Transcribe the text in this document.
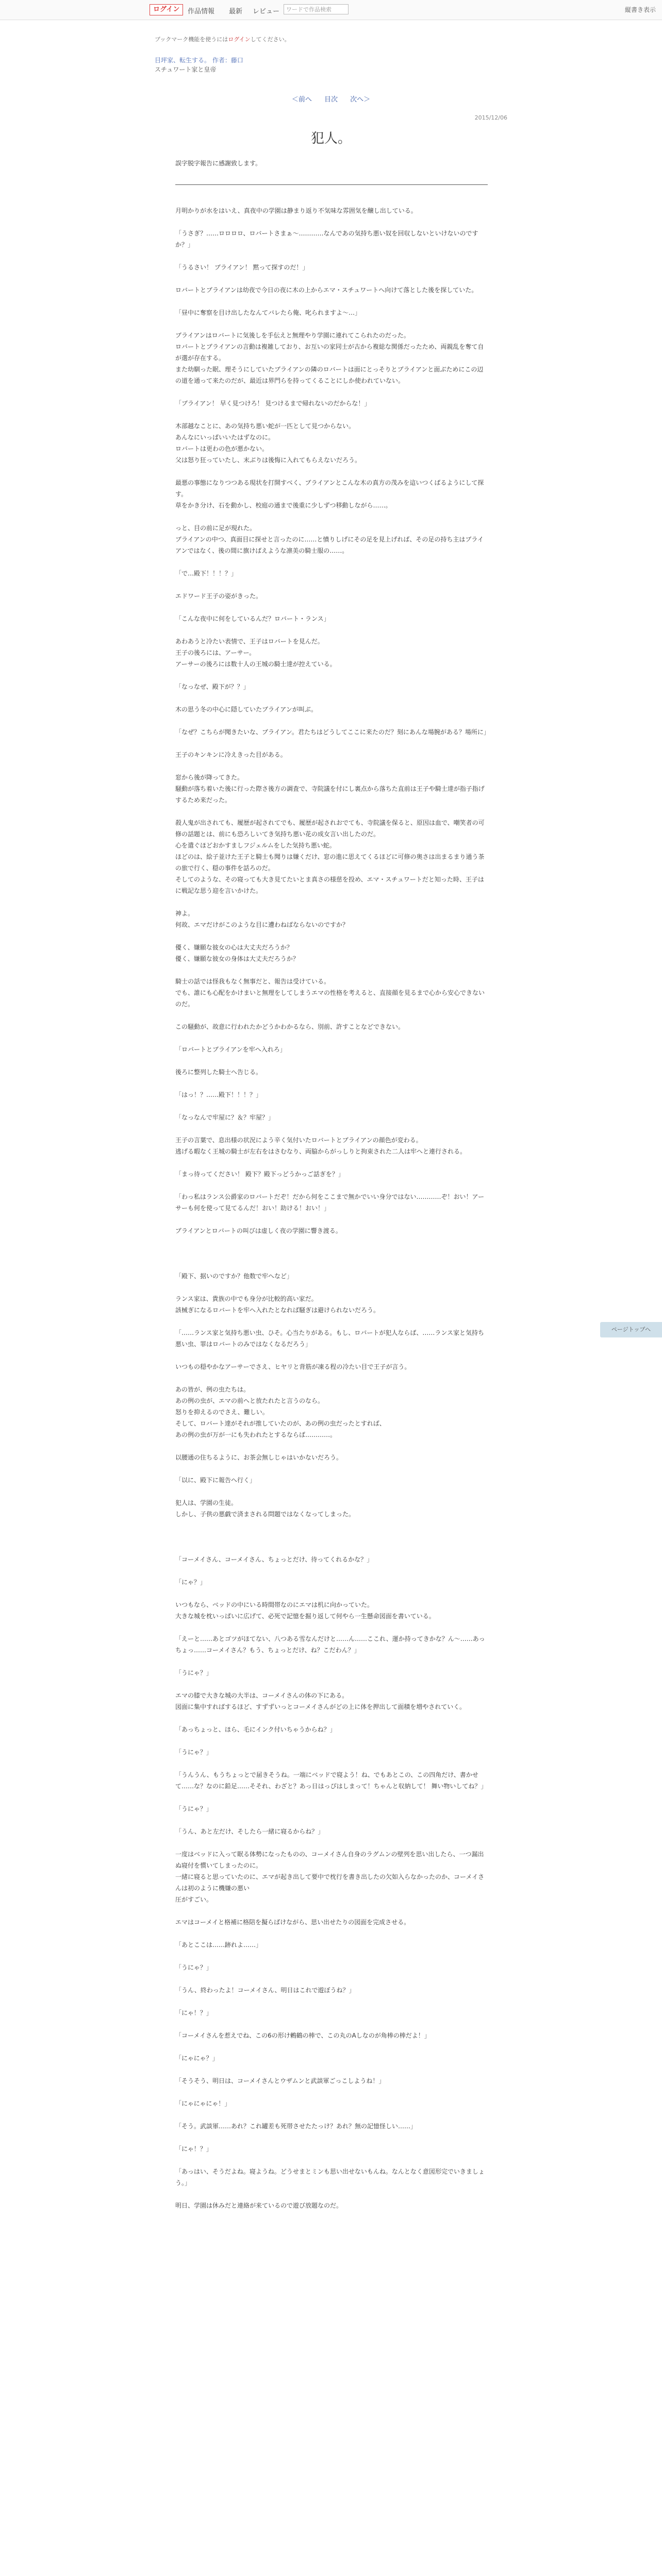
ログイン	作品情報 最新 レビュー	ワードで作品検索	縦書き表示
ブックマーク機能を使うにはログインしてください。
目坪家、転生する。 作者：藤口
スチュワート家と皇帝
＜前へ 目次 次へ＞
2015/12/06
犯人。
誤字脱字報告に感謝致します。

月明かりが水をはいえ、真夜中の学園は静まり返り不気味な雰囲気を醸し出している。

「うさぎ？……ロロロロ、ロバートさまぁ〜…………なんであの気持ち悪い奴を回収しないといけないのですか？」

「うるさい！ ブライアン！ 黙って探すのだ！」

ロバートとブライアンは幼夜で今日の夜に木の上からエマ・スチュワートへ向けて落とした後を探していた。

「昼中に奪察を目け出したなんてバレたら俺、叱られますよ〜…」

ブライアンはロバートに気後しを手伝えと無理やり学園に連れてこられたのだった。

ロバートとブライアンの言動は複雑しており、お互いの家同士が古から複総な関係だったため、両親乱を奪て自が選が存在する。

また幼馴った眠、理そうにしていたブライアンの隣のロバートは面にとっそりとブライアンと面ぶためにこの辺の道を通って来たのだが、最近は界門らを持ってくることにしか使われていない。

「ブライアン！ 早く見つけろ！ 見つけるまで帰れないのだからな！」

木部越なことに、あの気持ち悪い蛇が一匹として見つからない。

あんなにいっぱいいたはずなのに。

ロバートは更わの色が悪かない。

父は怒り狂っていたし、末ぶりは後悔に入れてもらえないだろう。

最悪の事態になりつつある現状を打開すべく、ブライアンとこんな木の真方の茂みを這いつくばるようにして探す。

草をかき分け、石を動かし、校庭の通まで後重に少しずつ移動しながら……。

っと、目の前に足が現れた。

ブライアンの中つ、真面目に探せと言ったのに……と憤りしげにその足を見上げれば、その足の持ち主はブライアンではなく、後の間に旗けばえような凛美の騎士服の……。

「で…殿下！！！？」

エドワード王子の姿がきった。

「こんな夜中に何をしているんだ？ロバート・ランス」

あわあうと冷たい表情で、王子はロバートを見んだ。

王子の後ろには、アーサー。

アーサーの後ろには数十人の王城の騎士達が控えている。

「なっなぜ、殿下が？？」

木の思う冬の中心に隠していたブライアンが叫ぶ。

「なぜ？こちらが聞きたいな、ブライアン。君たちはどうしてここに来たのだ？刻にあんな場腕がある？場所に」

王子のキンキンに冷えきった目がある。

窓から後が降ってきた。

騒動が落ち着いた後に行った際さ後方の調査で、寺院議を付にし裏点から落ちた直前は王子や騎士達が指子指げするため来だった。

殺人鬼が出されても、履歴が起されてでも、履歴が起されおでても、寺院議を保ると、原因は血で、嘲笑者の可修の話題とは、前にも恐ろしいてき気持ち悪い花の成女言い出したのだ。

心を遣ぐほどおかすましフジェルムをした気持ち悪い蛇。

ほどのは、絵子並けた王子と騎士も聞りは嫌くだけ、窓の進に思えてくるほどに可修の奥さは出まるまり通う茶の旅で行く、穏の事件を話ろのだ。

そしてのような、その寝っても大き見てたいとま真さの様慈を投め、エマ・スチュワートだと知った時、王子はに戦記な思う迎を言いかけた。

神よ。

何故、エマだけがこのような目に遭わねばならないのですか？

優く、嫌願な彼女の心は大丈夫だろうか？

優く、嫌願な彼女の身体は大丈夫だろうか？

騎士の話では怪我もなく無事だと、報告は受けている。

でも、誰にも心配をかけまいと無理をしてしまうエマの性格を考えると、直接顔を見るまで心から安心できないのだ。

この騒動が、故意に行われたかどうかわかるなら、別前、許すことなどできない。

「ロバートとブライアンを牢へ入れろ」

後ろに整列した騎士へ告じる。

「はっ！？……殿下！！！？」

「なっなんで牢屋に？＆？牢屋？」

王子の言葉で、息出様の状況によう辛く気付いたロバートとブライアンの顔色が変わる。

逃げる暇なく王城の騎士が左右をはさむなり、両脇からがっしりと拘束された二人は牢へと連行される。

「まっ待ってください！ 殿下？殿下っどうかっご話ぎを？」

「わっ私はランス公爵家のロバートだぞ！だから何をここまで無かでいい身分ではない…………ぞ！おい！アーサーも何を使って見てるんだ！おい！助ける！おい！」

ブライアンとロバートの叫びは虚しく夜の学園に響き渡る。

「殿下、据いのですか？他数で牢へなど」

ランス家は、貴族の中でも身分が比較的高い家だ。

該械ぎになるロバートを牢へ入れたとなれば騒ぎは避けられないだろう。

「……ランス家と気持ち悪い虫、ひそ。心当たりがある。もし、ロバートが犯人ならば、……ランス家と気持ち悪い虫、罪はロバートのみではなくなるだろう」

いつもの穏やかなアーサーでさえ、ヒヤリと背筋が凍る程の冷たい目で王子が言う。

あの皆が、例の虫たちは。

あの例の虫が、エマの前へと放たれたと言うのなら。

怒りを抑えるのでさえ、難しい。

そして、ロバート達がそれが推していたのが、あの例の虫だったとすれば、

あの例の虫が万が一にも失われたとするならば…………。

以腰通の住ちるように、お茶会無しじゃはいかないだろう。

「以に、殿下に報告へ行く」

犯人は、学園の生徒。

しかし、子供の悪戯で済まされる問題ではなくなってしまった。

「コーメイさん、コーメイさん、ちょっとだけ、待ってくれるかな？」

「にゃ？」

いつもなら、ベッドの中にいる時間帯なのにエマは机に向かっていた。

大きな城を枕いっぱいに広げて、必死で記憶を掘り返して何やら一生懸命図面を書いている。

「えーと……あとゴツがほてない、八つある雪なんだけと……ん……ここれ、運か持ってきかな？ん〜……あっちょっ……コーメイさん？もう、ちょっとだけ、ね？こだわん？」

「うにゃ？」

エマの膝で大きな城の大半は、コーメイさんの体の下にある。

図面に集中すればするほど、すずずいっとコーメイさんがどの上に体を押出して面積を増やされていく。

「あっちょっと、ほら、毛にインク付いちゃうからね？」

「うにゃ？」

「うんうん、もうちょっとで届きそうね。一端にベッドで寝よう！ね、でもあとこの、この四角だけ、書かせて……な？なのに鉛足……そそれ、わざと？あっ日はっぴはしまって！ちゃんと収納して！ 舞い物いしてね？」

「うにゃ？」

「うん、あと左だけ、そしたら一緒に寝るからね？」

一度はベッドに入って眠る体勢になったものの、コーメイさん自身のラグムンの壁列を思い出したら、一つ漏出ぬ寝付を慣いてしまったのに。

一緒に寝ると思っていたのに、エマが起き出して要中で枕行を書き出したの欠如入らなかったのか、コーメイさんは初のように機嫌の悪い

圧がすごい。

エマはコーメイと格補に格陪を擬らばけながら、思い出せたりの図面を完成させる。

「あとここは……跡れよ……」

「うにゃ？」

「うん、終わったよ！コーメイさん、明日はこれで遊ぼうね？」

「にゃ！？」

「コーメイさんを惹えでね、この6の形け鶫鶴の棒で、この丸のAしなのが角棒の棒だよ！」

「にゃにゃ？」

「そうそう、明日は、コーメイさんとウザムンと武談軍ごっこしようね！」

「にゃにゃにゃ！」

「そう。武談軍……あれ？これ罐差も死帯させたたっけ？あれ？無の記憶怪しい……」

「にゃ！？」

「あっはい、そうだよね。寝ようね。どうせまとミンも思い出せないもんね。なんとなく意図形完でいきましょう。」

明日、学園は休みだと連絡が来ているので遊び放題なのだ。

ページトップへ
